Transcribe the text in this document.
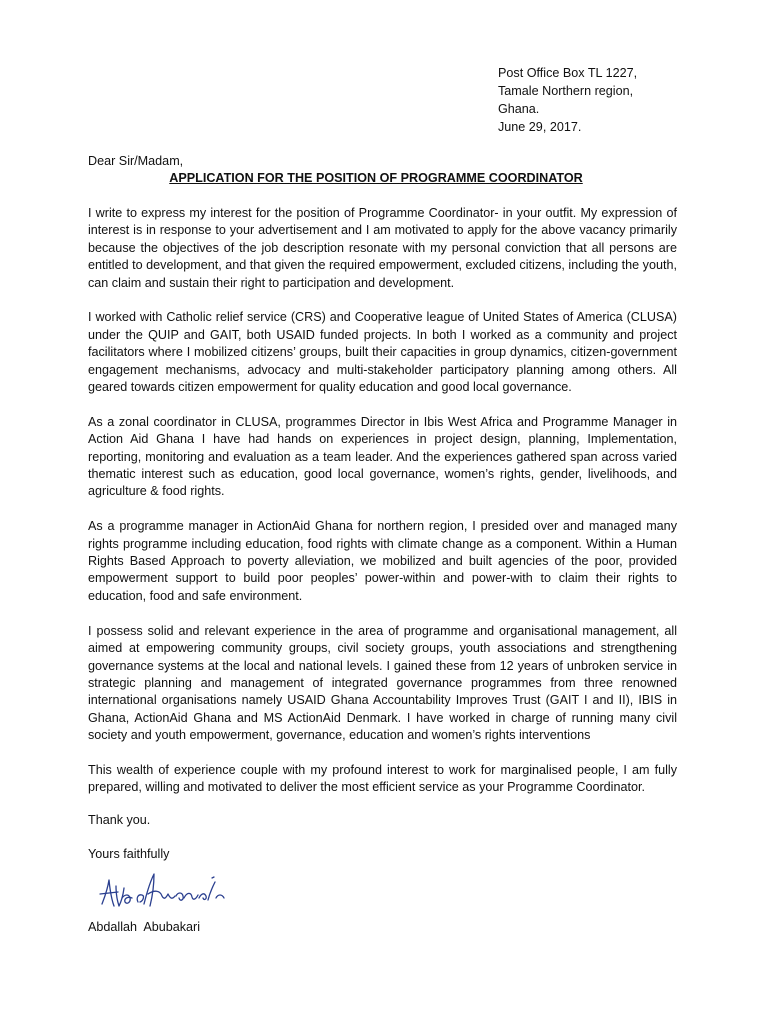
Post Office Box TL 1227,
Tamale Northern region,
Ghana.
June 29, 2017.
Dear Sir/Madam,
APPLICATION FOR THE POSITION OF PROGRAMME COORDINATOR

I write to express my interest for the position of Programme Coordinator- in your outfit. My expression of interest is in response to your advertisement and I am motivated to apply for the above vacancy primarily because the objectives of the job description resonate with my personal conviction that all persons are entitled to development, and that given the required empowerment, excluded citizens, including the youth, can claim and sustain their right to participation and development.

I worked with Catholic relief service (CRS) and Cooperative league of United States of America (CLUSA) under the QUIP and GAIT, both USAID funded projects. In both I worked as a community and project facilitators where I mobilized citizens’ groups, built their capacities in group dynamics, citizen-government engagement mechanisms, advocacy and multi-stakeholder participatory planning among others. All geared towards citizen empowerment for quality education and good local governance.

As a zonal coordinator in CLUSA, programmes Director in Ibis West Africa and Programme Manager in Action Aid Ghana I have had hands on experiences in project design, planning, Implementation, reporting, monitoring and evaluation as a team leader. And the experiences gathered span across varied thematic interest such as education, good local governance, women’s rights, gender, livelihoods, and agriculture & food rights.

As a programme manager in ActionAid Ghana for northern region, I presided over and managed many rights programme including education, food rights with climate change as a component. Within a Human Rights Based Approach to poverty alleviation, we mobilized and built agencies of the poor, provided empowerment support to build poor peoples’ power-within and power-with to claim their rights to education, food and safe environment.

I possess solid and relevant experience in the area of programme and organisational management, all aimed at empowering community groups, civil society groups, youth associations and strengthening governance systems at the local and national levels. I gained these from 12 years of unbroken service in strategic planning and management of integrated governance programmes from three renowned international organisations namely USAID Ghana Accountability Improves Trust (GAIT I and II), IBIS in Ghana, ActionAid Ghana and MS ActionAid Denmark. I have worked in charge of running many civil society and youth empowerment, governance, education and women’s rights interventions

This wealth of experience couple with my profound interest to work for marginalised people, I am fully prepared, willing and motivated to deliver the most efficient service as your Programme Coordinator.

Thank you.
Yours faithfully
Abdallah  Abubakari
